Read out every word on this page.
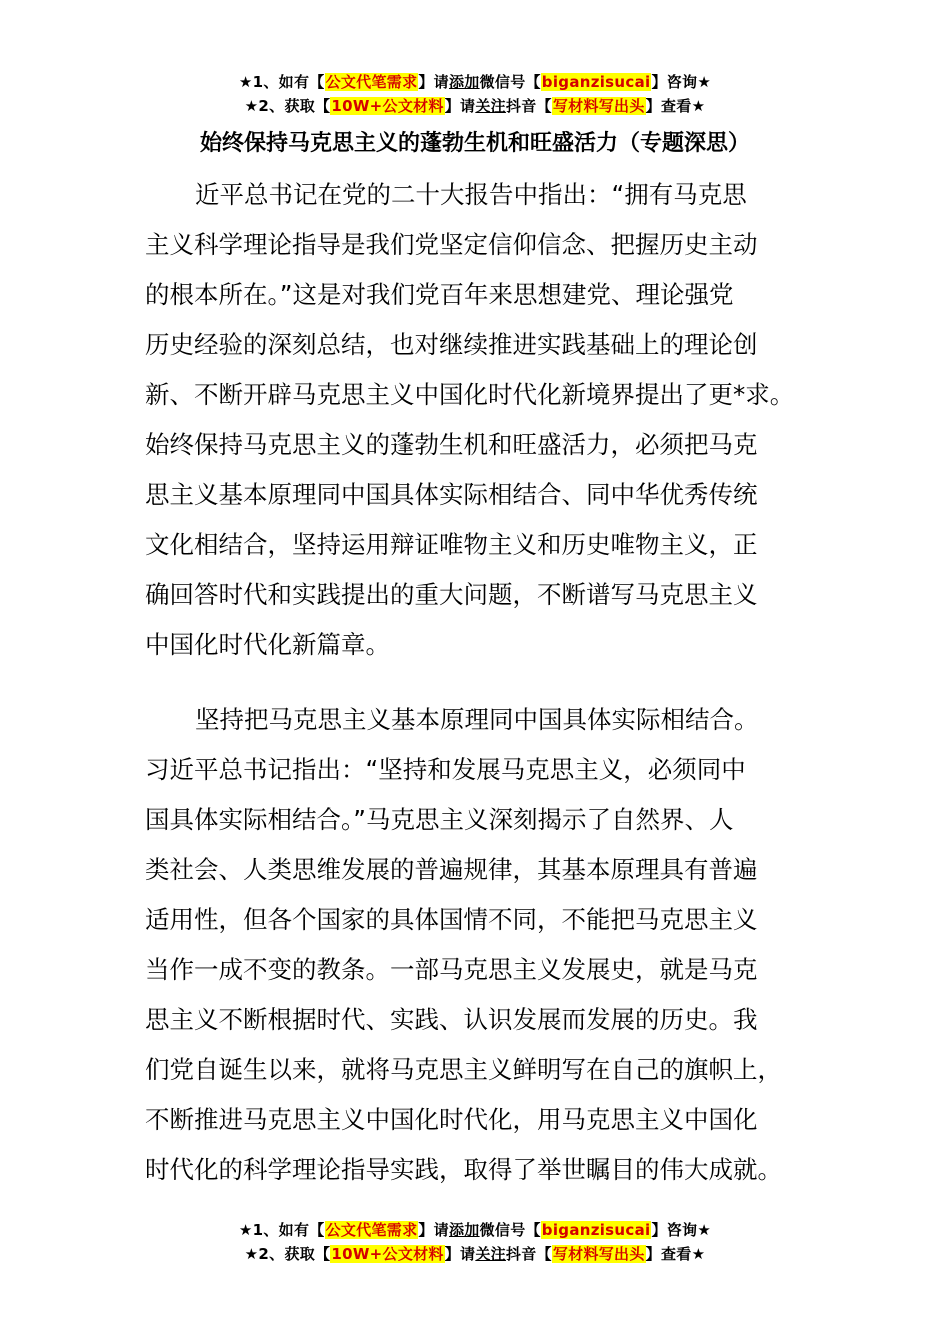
★1、如有【公文代笔需求】请添加微信号【biganzisucai】咨询★
★2、获取【10W+公文材料】请关注抖音【写材料写出头】查看★
始终保持马克思主义的蓬勃生机和旺盛活力（专题深思）
近平总书记在党的二十大报告中指出：“拥有马克思
主义科学理论指导是我们党坚定信仰信念、把握历史主动
的根本所在。”这是对我们党百年来思想建党、理论强党
历史经验的深刻总结，也对继续推进实践基础上的理论创
新、不断开辟马克思主义中国化时代化新境界提出了更*求。
始终保持马克思主义的蓬勃生机和旺盛活力，必须把马克
思主义基本原理同中国具体实际相结合、同中华优秀传统
文化相结合，坚持运用辩证唯物主义和历史唯物主义，正
确回答时代和实践提出的重大问题，不断谱写马克思主义
中国化时代化新篇章。
坚持把马克思主义基本原理同中国具体实际相结合。
习近平总书记指出：“坚持和发展马克思主义，必须同中
国具体实际相结合。”马克思主义深刻揭示了自然界、人
类社会、人类思维发展的普遍规律，其基本原理具有普遍
适用性，但各个国家的具体国情不同，不能把马克思主义
当作一成不变的教条。一部马克思主义发展史，就是马克
思主义不断根据时代、实践、认识发展而发展的历史。我
们党自诞生以来，就将马克思主义鲜明写在自己的旗帜上，
不断推进马克思主义中国化时代化，用马克思主义中国化
时代化的科学理论指导实践，取得了举世瞩目的伟大成就。
★1、如有【公文代笔需求】请添加微信号【biganzisucai】咨询★
★2、获取【10W+公文材料】请关注抖音【写材料写出头】查看★
